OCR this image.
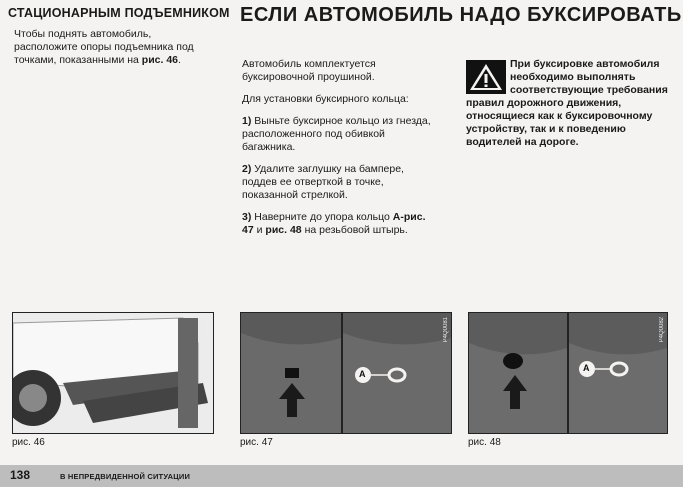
СТАЦИОНАРНЫМ ПОДЪЕМНИКОМ ЕСЛИ АВТОМОБИЛЬ НАДО БУКСИРОВАТЬ
Чтобы поднять автомобиль, расположите опоры подъемника под точками, показанными на рис. 46.	Автомобиль комплектуется буксировочной проушиной.

Для установки буксирного кольца:

1) Выньте буксирное кольцо из гнезда, расположенного под обивкой багажника.

2) Удалите заглушку на бампере, поддев ее отверткой в точке, показанной стрелкой.

3) Наверните до упора кольцо A-рис. 47 и рис. 48 на резьбовой штырь.

При буксировке автомобиля необходимо выполнять соответствующие требования правил дорожного движения, относящиеся как к буксировочному устройству, так и к поведению водителей на дороге.
P4Q0080
рис. 46
A
P4Q0081
рис. 47
A
P4Q0082
рис. 48
138	В НЕПРЕДВИДЕННОЙ СИТУАЦИИ
